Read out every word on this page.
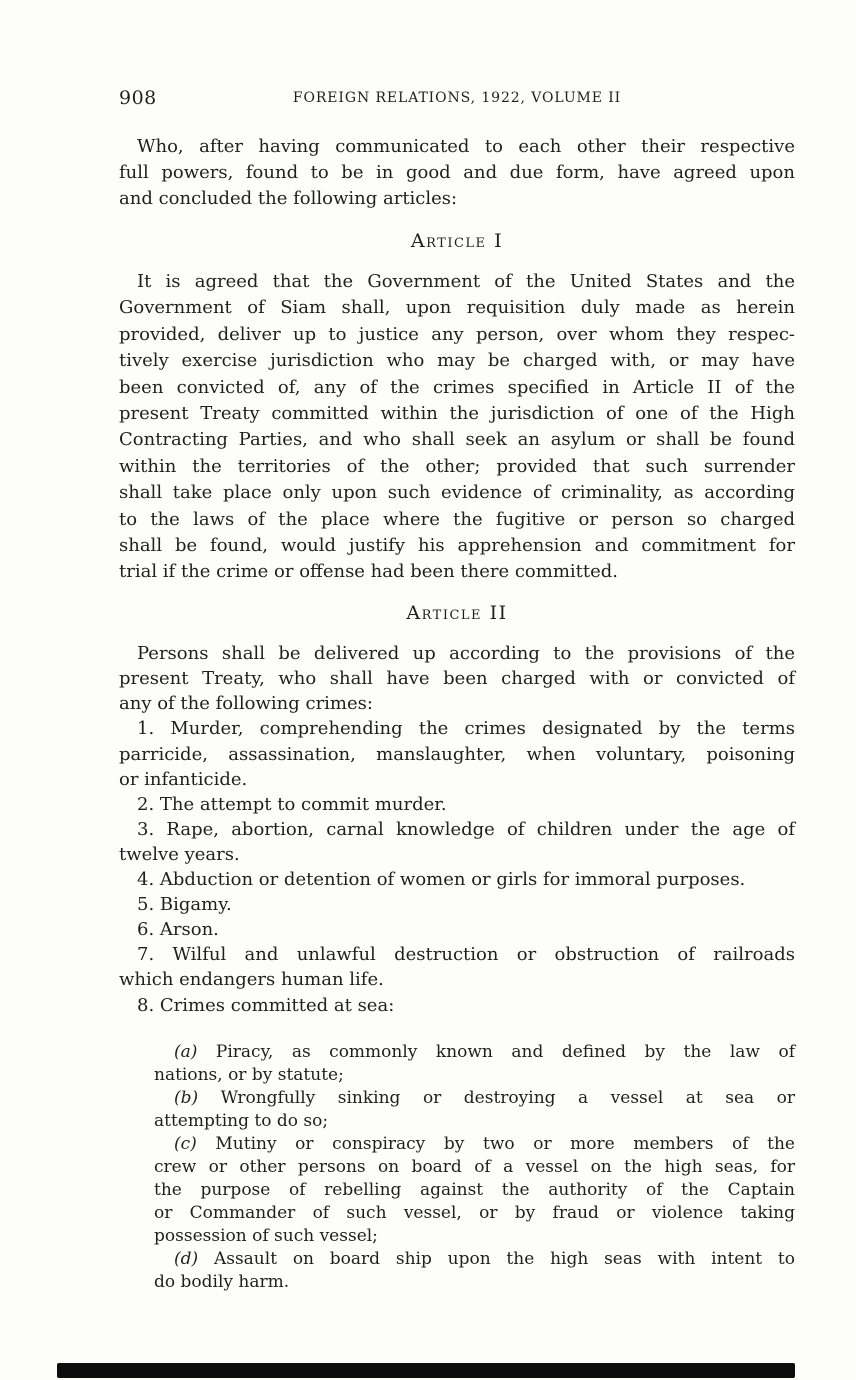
908	FOREIGN RELATIONS, 1922, VOLUME II
Who, after having communicated to each other their respective
full powers, found to be in good and due form, have agreed upon
and concluded the following articles:
Article I
It is agreed that the Government of the United States and the
Government of Siam shall, upon requisition duly made as herein
provided, deliver up to justice any person, over whom they respec-
tively exercise jurisdiction who may be charged with, or may have
been convicted of, any of the crimes specified in Article II of the
present Treaty committed within the jurisdiction of one of the High
Contracting Parties, and who shall seek an asylum or shall be found
within the territories of the other; provided that such surrender
shall take place only upon such evidence of criminality, as according
to the laws of the place where the fugitive or person so charged
shall be found, would justify his apprehension and commitment for
trial if the crime or offense had been there committed.
Article II
Persons shall be delivered up according to the provisions of the
present Treaty, who shall have been charged with or convicted of
any of the following crimes:
1. Murder, comprehending the crimes designated by the terms
parricide, assassination, manslaughter, when voluntary, poisoning
or infanticide.
2. The attempt to commit murder.
3. Rape, abortion, carnal knowledge of children under the age of
twelve years.
4. Abduction or detention of women or girls for immoral purposes.
5. Bigamy.
6. Arson.
7. Wilful and unlawful destruction or obstruction of railroads
which endangers human life.
8. Crimes committed at sea:
(a) Piracy, as commonly known and defined by the law of
nations, or by statute;
(b) Wrongfully sinking or destroying a vessel at sea or
attempting to do so;
(c) Mutiny or conspiracy by two or more members of the
crew or other persons on board of a vessel on the high seas, for
the purpose of rebelling against the authority of the Captain
or Commander of such vessel, or by fraud or violence taking
possession of such vessel;
(d) Assault on board ship upon the high seas with intent to
do bodily harm.
